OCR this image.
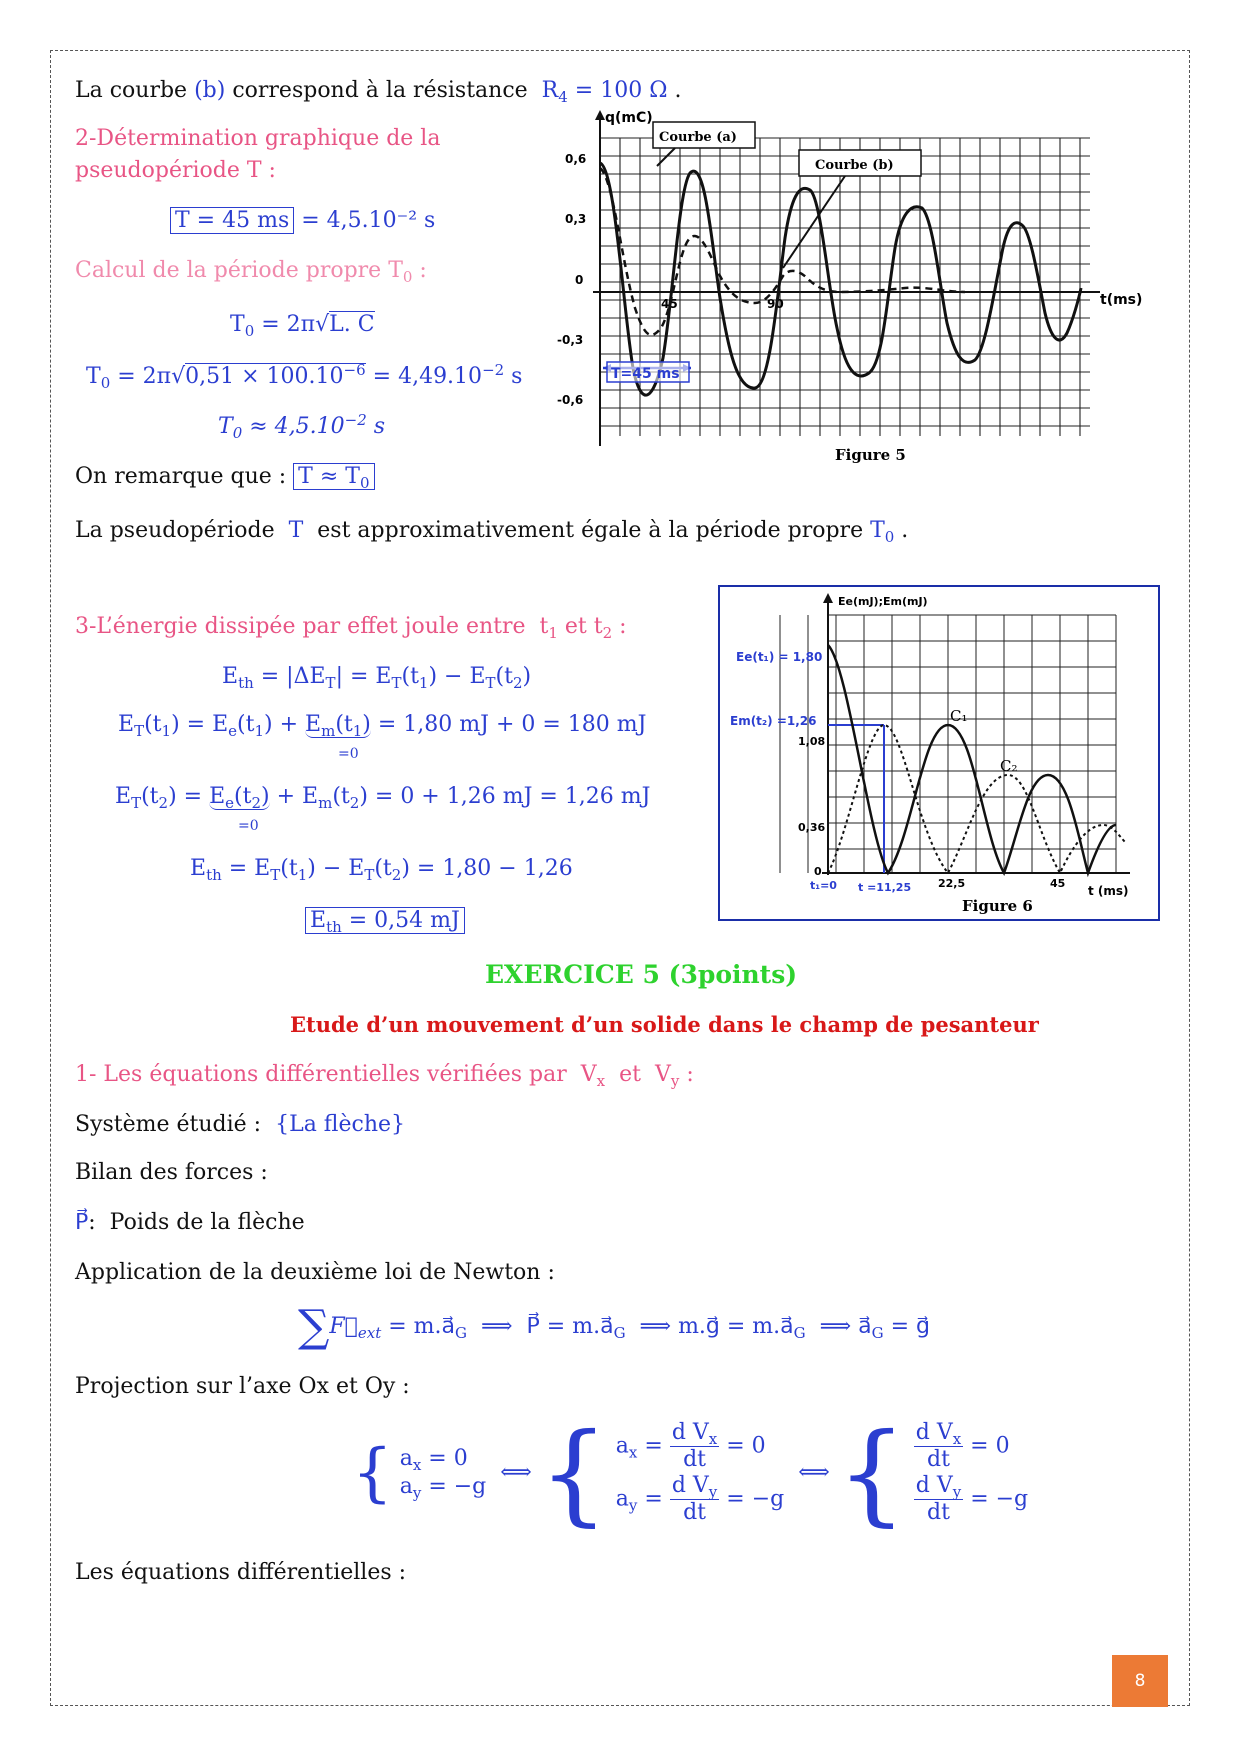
La courbe (b) correspond à la résistance  $R_4 = 100$ Ω .
2-Détermination graphique de la
pseudopériode T :
T = 45 ms = 4,5.10⁻² s
Calcul de la période propre $T_0$ :
$T_0 = 2\pi√L$. C
$T_0 = 2\pi√0,51 \times 100.10^{-6} = 4,49.10^{-2}$ s
$T_0 \approx 4,5.10^{-2}$ s
On remarque que : $T \approx T_0$
La pseudopériode  T  est approximativement égale à la période propre $T_0$ .
q(mC)
t(ms)
0,6
0,3
0
-0,3
-0,6
45	90
Courbe (a)
Courbe (b)
T=45 ms
Figure 5
3-L’énergie dissipée par effet joule entre  $t_1$ et $t_2$ :
$E_{th} = |\Delta E_T| = E_T(t_1) - E_T(t_2)$
$E_T(t_1) = E_e(t_1) + E_m(t_1) = 1,80$ mJ + 0 = 180 mJ
=0
$E_T(t_2) = E_e(t_2) + E_m(t_2) = 0 + 1,26$ mJ = 1,26 mJ
=0
$E_{th} = E_T(t_1) - E_T(t_2) = 1,80 - 1,26$
$E_{th} = 0,54$ mJ
Ee(mJ);Em(mJ)
t (ms)
Ee(t₁) = 1,80
Em(t₂) =1,26
1,08
0,36
0
t₁=0 t =11,25 22,5	45
C₁
C₂
Figure 6
EXERCICE 5 (3points)
Etude d’un mouvement d’un solide dans le champ de pesanteur
1- Les équations différentielles vérifiées par  $V_x$  et  $V_y$ :
Système étudié :  {La flèche}
Bilan des forces :
P⃗:  Poids de la flèche
Application de la deuxième loi de Newton :
$\sum F⃗_{ext}$ = $m.a⃗_G$  ⟹  P⃗ = $m.a⃗_G$  ⟹ m.g⃗ = $m.a⃗_G$  ⟹ $a⃗_G$ = g⃗
Projection sur l’axe Ox et Oy :
{ $a_x = 0$
$a_y = -g$
⟺ { $a_x = \frac{d V_x}{dt} = 0$
$a_y = \frac{d V_y}{dt} = -g$
⟺ { $\frac{d V_x}{dt} = 0$
$\frac{d V_y}{dt} = -g$
Les équations différentielles :
8
